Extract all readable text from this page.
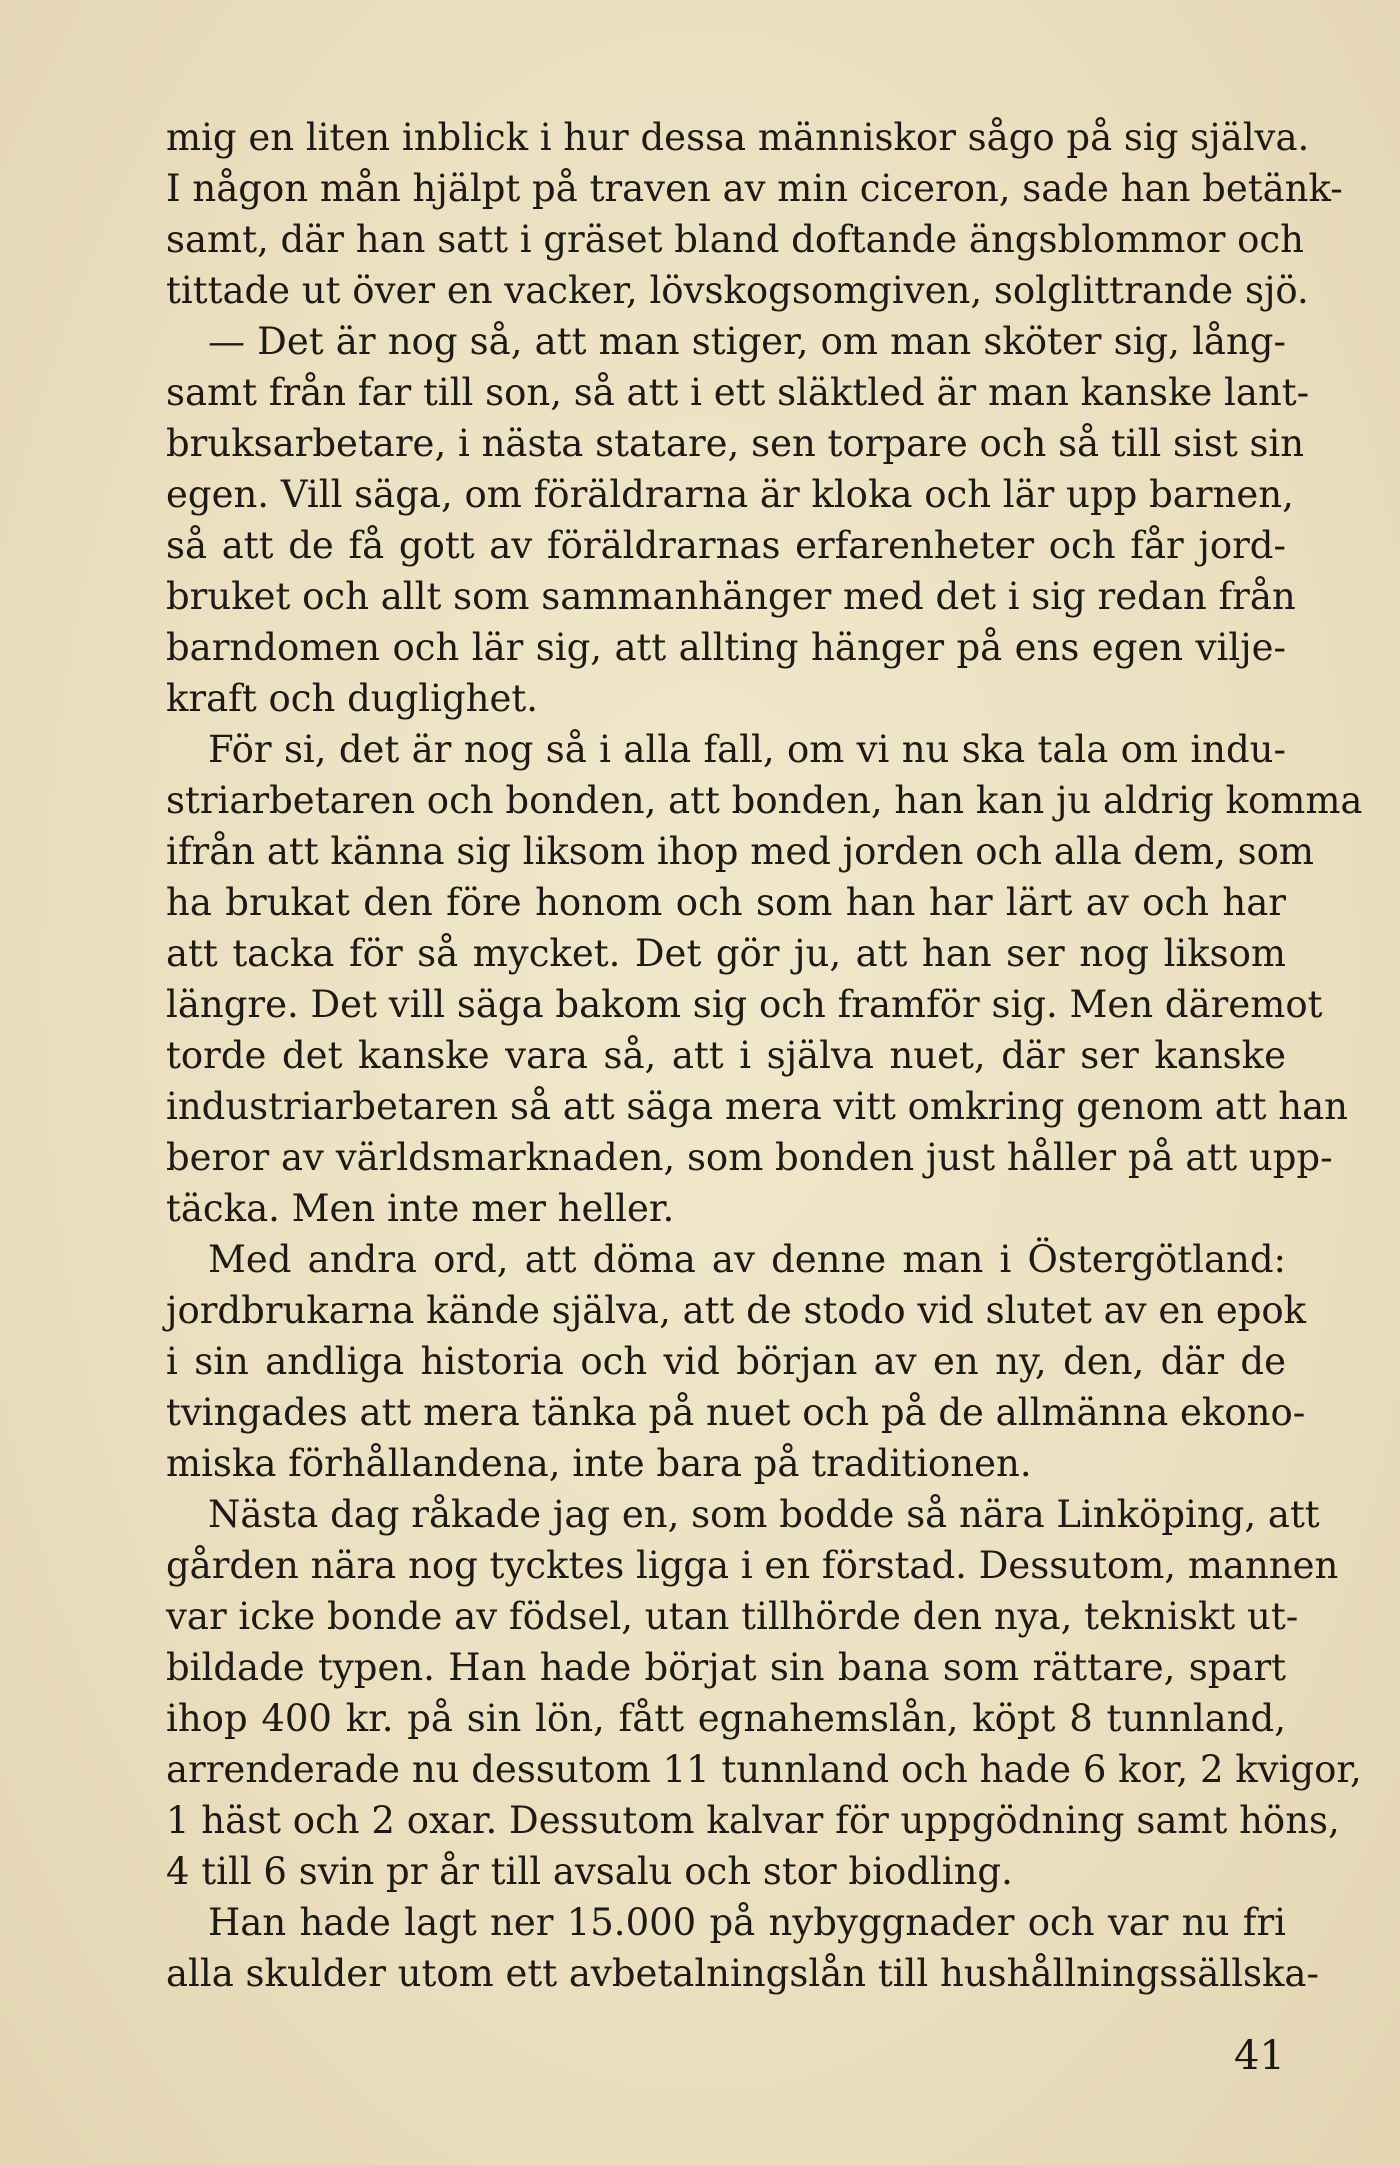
mig en liten inblick i hur dessa människor sågo på sig själva.
I någon mån hjälpt på traven av min ciceron, sade han betänk-
samt, där han satt i gräset bland doftande ängsblommor och
tittade ut över en vacker, lövskogsomgiven, solglittrande sjö.
— Det är nog så, att man stiger, om man sköter sig, lång-
samt från far till son, så att i ett släktled är man kanske lant-
bruksarbetare, i nästa statare, sen torpare och så till sist sin
egen. Vill säga, om föräldrarna är kloka och lär upp barnen,
så att de få gott av föräldrarnas erfarenheter och får jord-
bruket och allt som sammanhänger med det i sig redan från
barndomen och lär sig, att allting hänger på ens egen vilje-
kraft och duglighet.
För si, det är nog så i alla fall, om vi nu ska tala om indu-
striarbetaren och bonden, att bonden, han kan ju aldrig komma
ifrån att känna sig liksom ihop med jorden och alla dem, som
ha brukat den före honom och som han har lärt av och har
att tacka för så mycket. Det gör ju, att han ser nog liksom
längre. Det vill säga bakom sig och framför sig. Men däremot
torde det kanske vara så, att i själva nuet, där ser kanske
industriarbetaren så att säga mera vitt omkring genom att han
beror av världsmarknaden, som bonden just håller på att upp-
täcka. Men inte mer heller.
Med andra ord, att döma av denne man i Östergötland:
jordbrukarna kände själva, att de stodo vid slutet av en epok
i sin andliga historia och vid början av en ny, den, där de
tvingades att mera tänka på nuet och på de allmänna ekono-
miska förhållandena, inte bara på traditionen.
Nästa dag råkade jag en, som bodde så nära Linköping, att
gården nära nog tycktes ligga i en förstad. Dessutom, mannen
var icke bonde av födsel, utan tillhörde den nya, tekniskt ut-
bildade typen. Han hade börjat sin bana som rättare, spart
ihop 400 kr. på sin lön, fått egnahemslån, köpt 8 tunnland,
arrenderade nu dessutom 11 tunnland och hade 6 kor, 2 kvigor,
1 häst och 2 oxar. Dessutom kalvar för uppgödning samt höns,
4 till 6 svin pr år till avsalu och stor biodling.
Han hade lagt ner 15.000 på nybyggnader och var nu fri
alla skulder utom ett avbetalningslån till hushållningssällska-
41
